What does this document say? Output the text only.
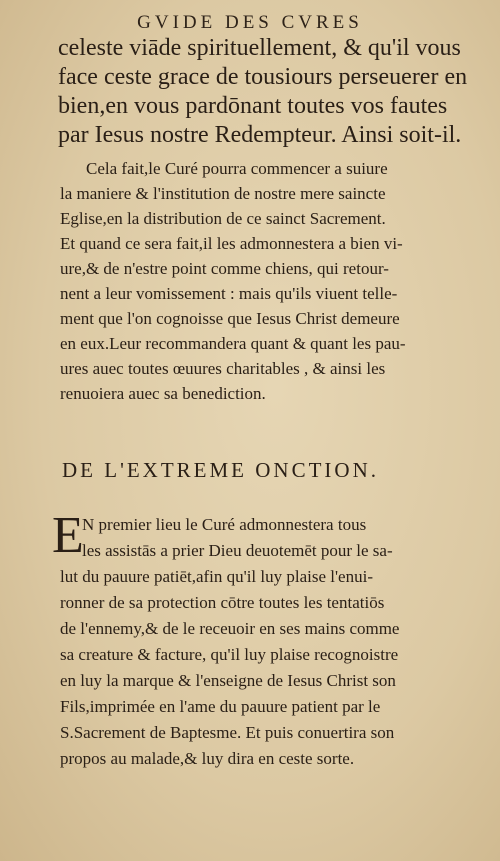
GVIDE DES CVRES
celeste viāde spirituellement, & qu'il vous
face ceste grace de tousiours perseuerer en
bien,en vous pardōnant toutes vos fautes
par Iesus nostre Redempteur. Ainsi soit-il.
Cela fait,le Curé pourra commencer a suiure
la maniere & l'institution de nostre mere saincte
Eglise,en la distribution de ce sainct Sacrement.
Et quand ce sera fait,il les admonnestera a bien vi-
ure,& de n'estre point comme chiens, qui retour-
nent a leur vomissement : mais qu'ils viuent telle-
ment que l'on cognoisse que Iesus Christ demeure
en eux.Leur recommandera quant & quant les pau-
ures auec toutes œuures charitables , & ainsi les
renuoiera auec sa benediction.
DE L'EXTREME ONCTION.
E
N premier lieu le Curé admonnestera tous
les assistās a prier Dieu deuotemēt pour le sa-
lut du pauure patiēt,afin qu'il luy plaise l'enui-
ronner de sa protection cōtre toutes les tentatiōs
de l'ennemy,& de le receuoir en ses mains comme
sa creature & facture, qu'il luy plaise recognoistre
en luy la marque & l'enseigne de Iesus Christ son
Fils,imprimée en l'ame du pauure patient par le
S.Sacrement de Baptesme. Et puis conuertira son
propos au malade,& luy dira en ceste sorte.
